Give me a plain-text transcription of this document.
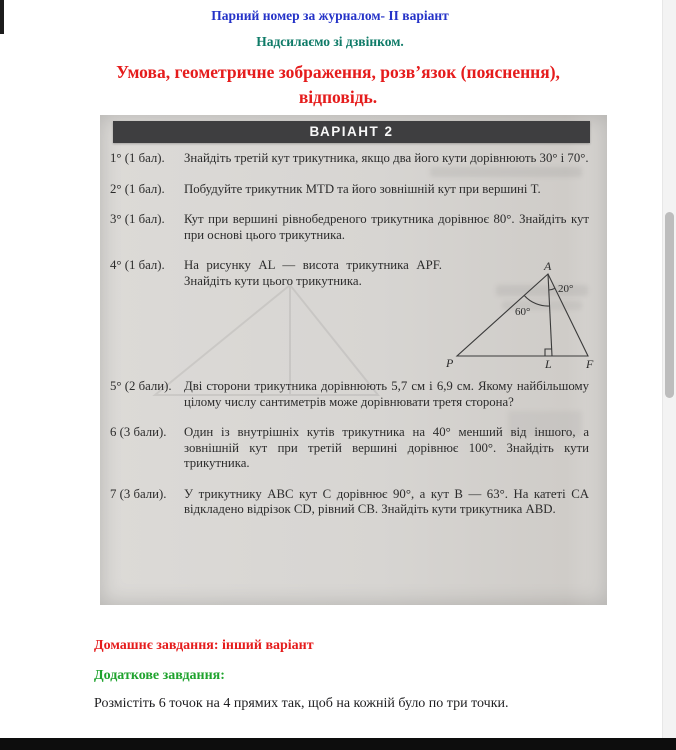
Парний номер за журналом- ІІ варіант
Надсилаємо зі дзвінком.
Умова, геометричне зображення, розв’язок (пояснення), відповідь.
ВАРІАНТ 2
1° (1 бал).	Знайдіть третій кут трикутника, якщо два його кути дорівнюють 30° і 70°.
2° (1 бал).	Побудуйте трикутник MTD та його зовнішній кут при вершині T.
3° (1 бал).	Кут при вершині рівнобедреного трикутника дорівнює 80°. Знайдіть кут при основі цього трикутника.
4° (1 бал).	На рисунку AL — висота трикутника APF. Знайдіть кути цього трикутника.
A
P	F
L
20°
60°
5° (2 бали). Дві сторони трикутника дорівнюють 5,7 см і 6,9 см. Якому найбільшому цілому числу сантиметрів може дорівнювати третя сторона?
6 (3 бали).	Один із внутрішніх кутів трикутника на 40° менший від іншого, а зовнішній кут при третій вершині дорівнює 100°. Знайдіть кути трикутника.
7 (3 бали).	У трикутнику ABC кут C дорівнює 90°, а кут B — 63°. На катеті CA відкладено відрізок CD, рівний CB. Знайдіть кути трикутника ABD.
Домашнє завдання: інший варіант
Додаткове завдання:
Розмістіть 6 точок на 4 прямих так, щоб на кожній було по три точки.
